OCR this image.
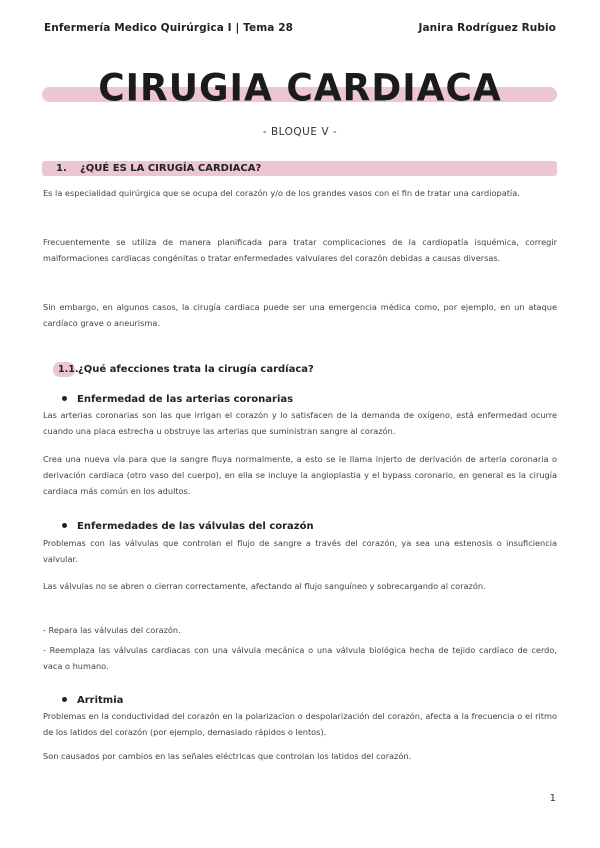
Enfermería Medico Quirúrgica I | Tema 28	Janira Rodríguez Rubio
CIRUGIA CARDIACA
- BLOQUE V -
1. ¿QUÉ ES LA CIRUGÍA CARDIACA?
Es la especialidad quirúrgica que se ocupa del corazón y/o de los grandes vasos con el fin de tratar una cardiopatía.
Frecuentemente se utiliza de manera planificada para tratar complicaciones de la cardiopatía isquémica, corregir malformaciones cardiacas congénitas o tratar enfermedades valvulares del corazón debidas a causas diversas.
Sin embargo, en algunos casos, la cirugía cardiaca puede ser una emergencia médica como, por ejemplo, en un ataque cardíaco grave o aneurisma.
1.1. ¿Qué afecciones trata la cirugía cardíaca?
Enfermedad de las arterias coronarias
Las arterias coronarias son las que irrigan el corazón y lo satisfacen de la demanda de oxígeno, está enfermedad ocurre cuando una placa estrecha u obstruye las arterias que suministran sangre al corazón.
Crea una nueva vía para que la sangre fluya normalmente, a esto se le llama injerto de derivación de arteria coronaria o derivación cardiaca (otro vaso del cuerpo), en ella se incluye la angioplastia y el bypass coronario, en general es la cirugía cardiaca más común en los adultos.
Enfermedades de las válvulas del corazón
Problemas con las válvulas que controlan el flujo de sangre a través del corazón, ya sea una estenosis o insuficiencia valvular.
Las válvulas no se abren o cierran correctamente, afectando al flujo sanguíneo y sobrecargando al corazón.
- Repara las válvulas del corazón.
- Reemplaza las válvulas cardiacas con una válvula mecánica o una válvula biológica hecha de tejido cardíaco de cerdo, vaca o humano.
Arritmia
Problemas en la conductividad del corazón en la polarizacion o despolarización del corazón, afecta a la frecuencia o el ritmo de los latidos del corazón (por ejemplo, demasiado rápidos o lentos).
Son causados por cambios en las señales eléctricas que controlan los latidos del corazón.
1
